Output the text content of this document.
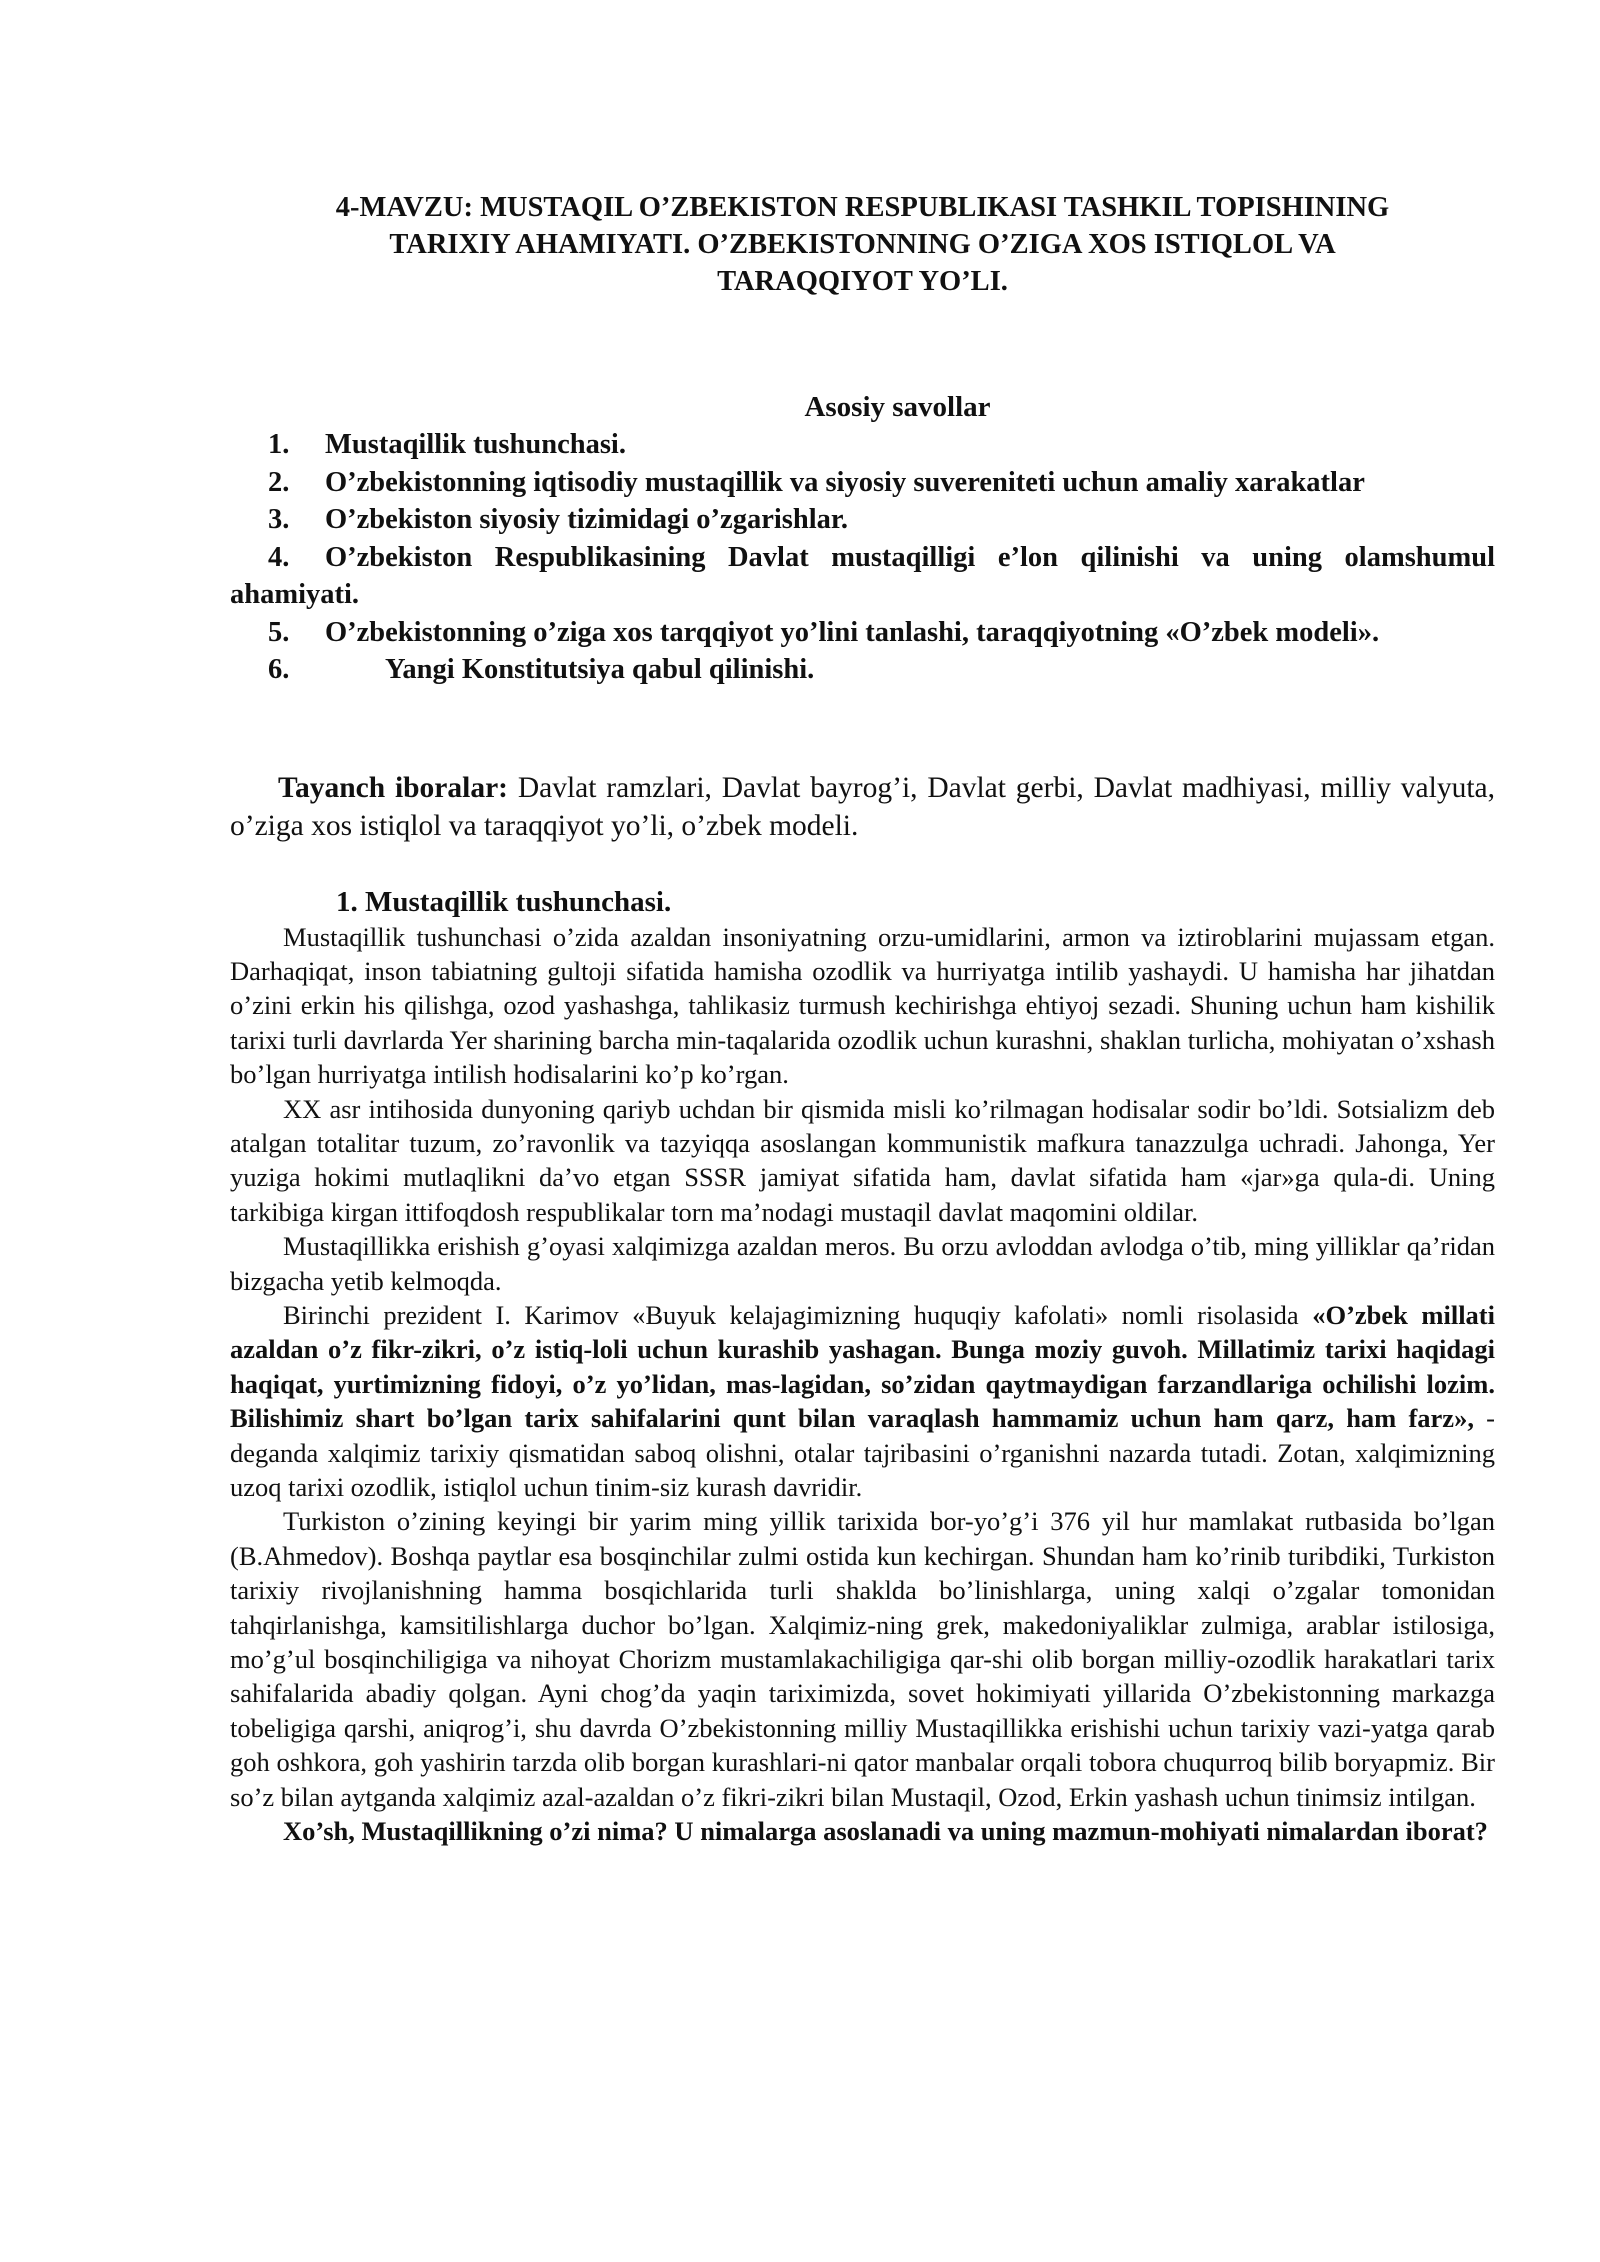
4-MAVZU: MUSTAQIL O’ZBEKISTON RESPUBLIKASI TASHKIL TOPISHINING
TARIXIY AHAMIYATI. O’ZBEKISTONNING O’ZIGA XOS ISTIQLOL VA
TARAQQIYOT YO’LI.
Asosiy savollar
1. Mustaqillik tushunchasi.
2. O’zbekistonning iqtisodiy mustaqillik va siyosiy suvereniteti uchun amaliy xarakatlar
3. O’zbekiston siyosiy tizimidagi o’zgarishlar.
4. O’zbekiston Respublikasining Davlat mustaqilligi e’lon qilinishi va uning olamshumul ahamiyati.
5. O’zbekistonning o’ziga xos tarqqiyot yo’lini tanlashi, taraqqiyotning «O’zbek modeli».
6.	Yangi Konstitutsiya qabul qilinishi.
Tayanch iboralar: Davlat ramzlari, Davlat bayrog’i, Davlat gerbi, Davlat madhiyasi, milliy valyuta, o’ziga xos istiqlol va taraqqiyot yo’li, o’zbek modeli.
1. Mustaqillik tushunchasi.

Mustaqillik tushunchasi o’zida azaldan insoniyatning orzu-umidlarini, armon va iztiroblarini mujassam etgan. Darhaqiqat, inson tabiatning gultoji sifatida hamisha ozodlik va hurriyatga intilib yashaydi. U hamisha har jihatdan o’zini erkin his qilishga, ozod yashashga, tahlikasiz turmush kechirishga ehtiyoj sezadi. Shuning uchun ham kishilik tarixi turli davrlarda Yer sharining barcha min-taqalarida ozodlik uchun kurashni, shaklan turlicha, mohiyatan o’xshash bo’lgan hurriyatga intilish hodisalarini ko’p ko’rgan.

XX asr intihosida dunyoning qariyb uchdan bir qismida misli ko’rilmagan hodisalar sodir bo’ldi. Sotsializm deb atalgan totalitar tuzum, zo’ravonlik va tazyiqqa asoslangan kommunistik mafkura tanazzulga uchradi. Jahonga, Yer yuziga hokimi mutlaqlikni da’vo etgan SSSR jamiyat sifatida ham, davlat sifatida ham «jar»ga qula-di. Uning tarkibiga kirgan ittifoqdosh respublikalar torn ma’nodagi mustaqil davlat maqomini oldilar.

Mustaqillikka erishish g’oyasi xalqimizga azaldan meros. Bu orzu avloddan avlodga o’tib, ming yilliklar qa’ridan bizgacha yetib kelmoqda.

Birinchi prezident I. Karimov «Buyuk kelajagimizning huquqiy kafolati» nomli risolasida «O’zbek millati azaldan o’z fikr-zikri, o’z istiq-loli uchun kurashib yashagan. Bunga moziy guvoh. Millatimiz tarixi haqidagi haqiqat, yurtimizning fidoyi, o’z yo’lidan, mas-lagidan, so’zidan qaytmaydigan farzandlariga ochilishi lozim. Bilishimiz shart bo’lgan tarix sahifalarini qunt bilan varaqlash hammamiz uchun ham qarz, ham farz», - deganda xalqimiz tarixiy qismatidan saboq olishni, otalar tajribasini o’rganishni nazarda tutadi. Zotan, xalqimizning uzoq tarixi ozodlik, istiqlol uchun tinim-siz kurash davridir.

Turkiston o’zining keyingi bir yarim ming yillik tarixida bor-yo’g’i 376 yil hur mamlakat rutbasida bo’lgan (B.Ahmedov). Boshqa paytlar esa bosqinchilar zulmi ostida kun kechirgan. Shundan ham ko’rinib turibdiki, Turkiston tarixiy rivojlanishning hamma bosqichlarida turli shaklda bo’linishlarga, uning xalqi o’zgalar tomonidan tahqirlanishga, kamsitilishlarga duchor bo’lgan. Xalqimiz-ning grek, makedoniyaliklar zulmiga, arablar istilosiga, mo’g’ul bosqinchiligiga va nihoyat Chorizm mustamlakachiligiga qar-shi olib borgan milliy-ozodlik harakatlari tarix sahifalarida abadiy qolgan. Ayni chog’da yaqin tariximizda, sovet hokimiyati yillarida O’zbekistonning markazga tobeligiga qarshi, aniqrog’i, shu davrda O’zbekistonning milliy Mustaqillikka erishishi uchun tarixiy vazi-yatga qarab goh oshkora, goh yashirin tarzda olib borgan kurashlari-ni qator manbalar orqali tobora chuqurroq bilib boryapmiz. Bir so’z bilan aytganda xalqimiz azal-azaldan o’z fikri-zikri bilan Mustaqil, Ozod, Erkin yashash uchun tinimsiz intilgan.

Xo’sh, Mustaqillikning o’zi nima? U nimalarga asoslanadi va uning mazmun-mohiyati nimalardan iborat?
